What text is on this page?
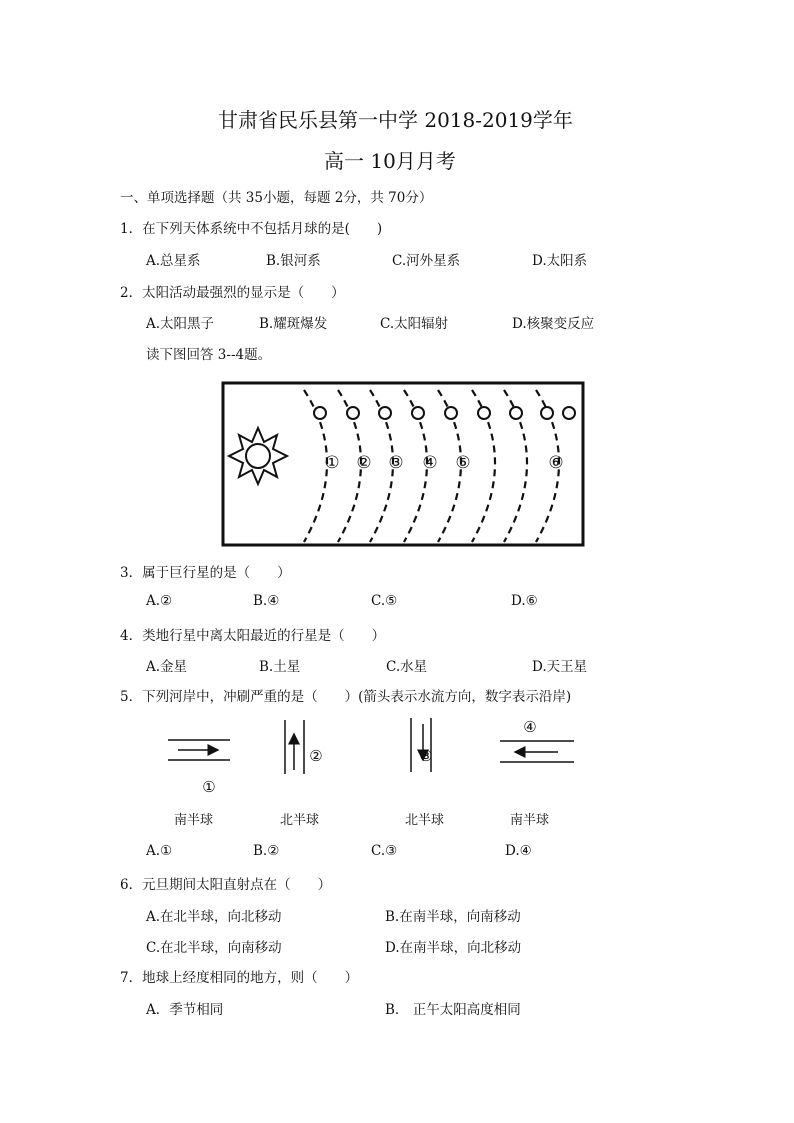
甘肃省民乐县第一中学 2018-2019学年
高一 10月月考
一、单项选择题（共 35小题，每题 2分，共 70分）
1．在下列天体系统中不包括月球的是(　　)
A.总星系	B.银河系	C.河外星系	D.太阳系
2．太阳活动最强烈的显示是（　　）
A.太阳黑子	B.耀斑爆发	C.太阳辐射	D.核聚变反应
读下图回答 3--4题。
① ② ③ ④ ⑤	⑥
3．属于巨行星的是（　　）
A.②	B.④	C.⑤	D.⑥
4．类地行星中离太阳最近的行星是（　　）
A.金星	B.土星	C.水星	D.天王星
5．下列河岸中，冲刷严重的是（　　）(箭头表示水流方向，数字表示沿岸)
①
②	③
④
南半球	北半球	北半球	南半球
A.①	B.②	C.③	D.④
6．元旦期间太阳直射点在（　　）
A.在北半球，向北移动	B.在南半球，向南移动
C.在北半球，向南移动	D.在南半球，向北移动
7．地球上经度相同的地方，则（　　）
A．季节相同	B． 正午太阳高度相同
